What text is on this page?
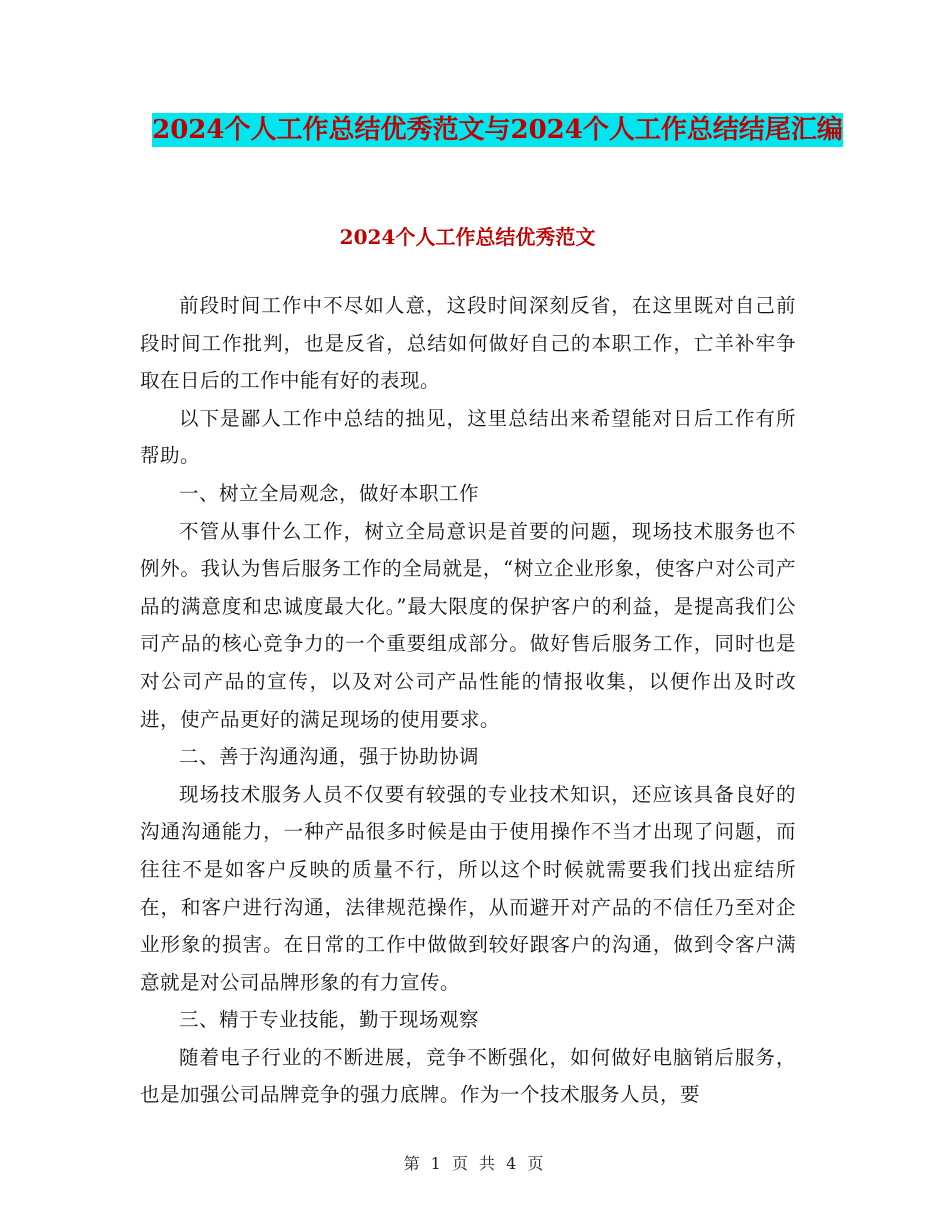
2024个人工作总结优秀范文与2024个人工作总结结尾汇编
2024个人工作总结优秀范文

前段时间工作中不尽如人意，这段时间深刻反省，在这里既对自己前段时间工作批判，也是反省，总结如何做好自己的本职工作，亡羊补牢争取在日后的工作中能有好的表现。

以下是鄙人工作中总结的拙见，这里总结出来希望能对日后工作有所帮助。

一、树立全局观念，做好本职工作

不管从事什么工作，树立全局意识是首要的问题，现场技术服务也不例外。我认为售后服务工作的全局就是，“树立企业形象，使客户对公司产品的满意度和忠诚度最大化。”最大限度的保护客户的利益，是提高我们公司产品的核心竞争力的一个重要组成部分。做好售后服务工作，同时也是对公司产品的宣传，以及对公司产品性能的情报收集，以便作出及时改进，使产品更好的满足现场的使用要求。

二、善于沟通沟通，强于协助协调

现场技术服务人员不仅要有较强的专业技术知识，还应该具备良好的沟通沟通能力，一种产品很多时候是由于使用操作不当才出现了问题，而往往不是如客户反映的质量不行，所以这个时候就需要我们找出症结所在，和客户进行沟通，法律规范操作，从而避开对产品的不信任乃至对企业形象的损害。在日常的工作中做做到较好跟客户的沟通，做到令客户满意就是对公司品牌形象的有力宣传。

三、精于专业技能，勤于现场观察

随着电子行业的不断进展，竞争不断强化，如何做好电脑销后服务，也是加强公司品牌竞争的强力底牌。作为一个技术服务人员，要

第 1 页 共 4 页
